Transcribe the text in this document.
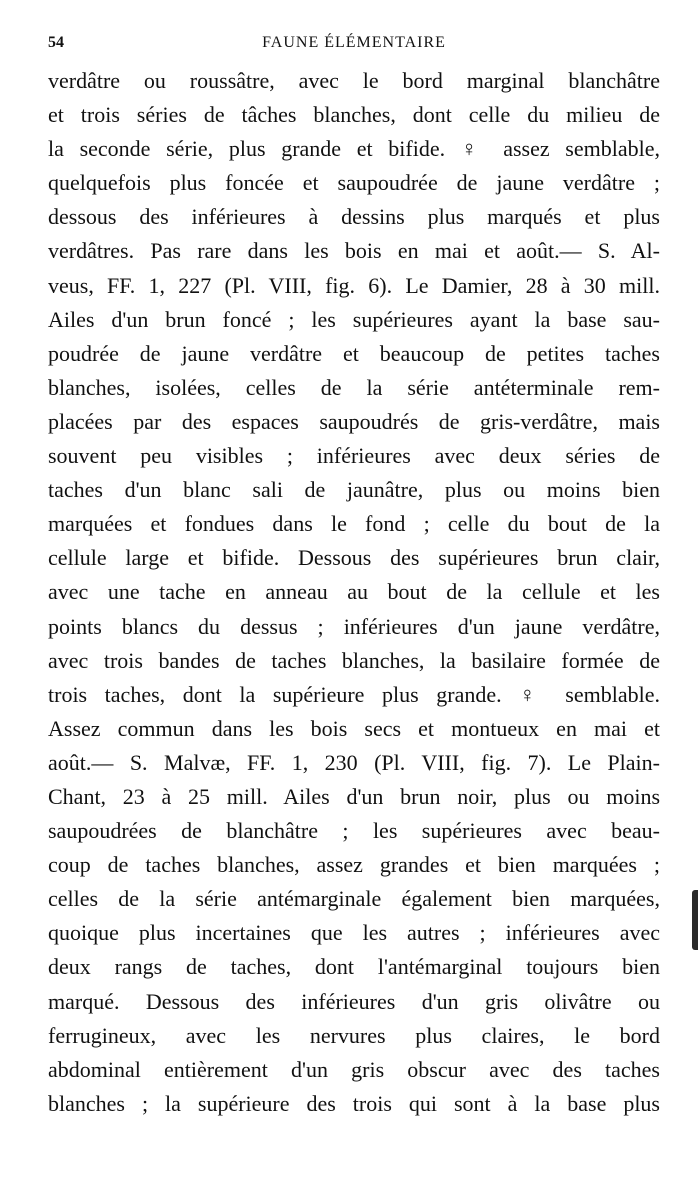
54	FAUNE ÉLÉMENTAIRE
verdâtre ou roussâtre, avec le bord marginal blanchâtre
et trois séries de tâches blanches, dont celle du milieu de
la seconde série, plus grande et bifide. ♀ assez semblable,
quelquefois plus foncée et saupoudrée de jaune verdâtre ;
dessous des inférieures à dessins plus marqués et plus
verdâtres. Pas rare dans les bois en mai et août.— S. Al-
veus, FF. 1, 227 (Pl. VIII, fig. 6). Le Damier, 28 à 30 mill.
Ailes d'un brun foncé ; les supérieures ayant la base sau-
poudrée de jaune verdâtre et beaucoup de petites taches
blanches, isolées, celles de la série antéterminale rem-
placées par des espaces saupoudrés de gris-verdâtre, mais
souvent peu visibles ; inférieures avec deux séries de
taches d'un blanc sali de jaunâtre, plus ou moins bien
marquées et fondues dans le fond ; celle du bout de la
cellule large et bifide. Dessous des supérieures brun clair,
avec une tache en anneau au bout de la cellule et les
points blancs du dessus ; inférieures d'un jaune verdâtre,
avec trois bandes de taches blanches, la basilaire formée de
trois taches, dont la supérieure plus grande. ♀ semblable.
Assez commun dans les bois secs et montueux en mai et
août.— S. Malvæ, FF. 1, 230 (Pl. VIII, fig. 7). Le Plain-
Chant, 23 à 25 mill. Ailes d'un brun noir, plus ou moins
saupoudrées de blanchâtre ; les supérieures avec beau-
coup de taches blanches, assez grandes et bien marquées ;
celles de la série antémarginale également bien marquées,
quoique plus incertaines que les autres ; inférieures avec
deux rangs de taches, dont l'antémarginal toujours bien
marqué. Dessous des inférieures d'un gris olivâtre ou
ferrugineux, avec les nervures plus claires, le bord
abdominal entièrement d'un gris obscur avec des taches
blanches ; la supérieure des trois qui sont à la base plus
